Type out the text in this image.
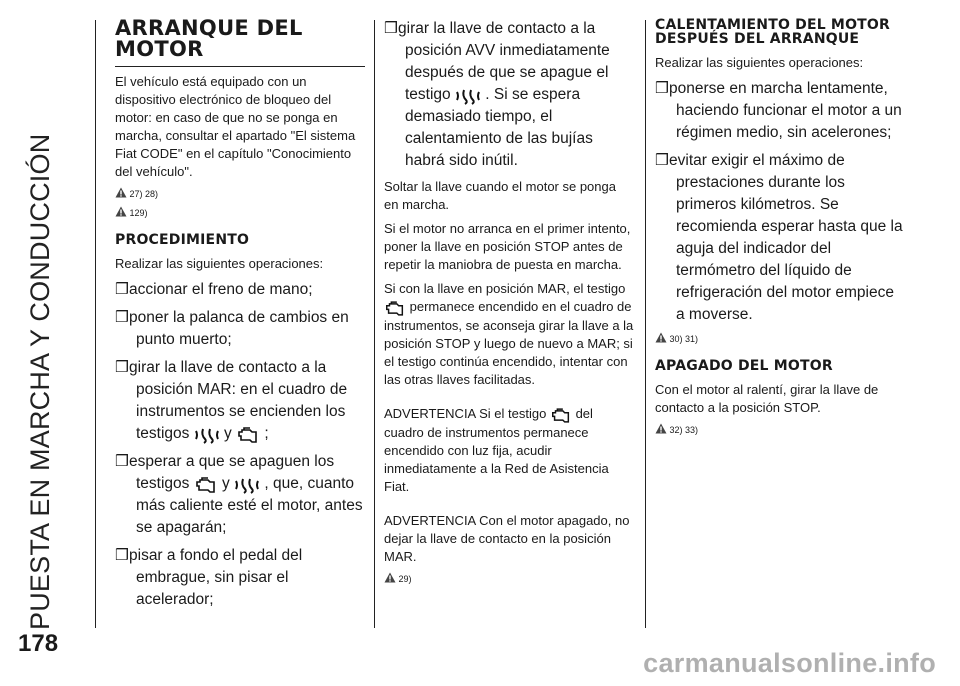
PUESTA EN MARCHA Y CONDUCCIÓN
ARRANQUE DEL MOTOR

El vehículo está equipado con un dispositivo electrónico de bloqueo del motor: en caso de que no se ponga en marcha, consultar el apartado "El sistema Fiat CODE" en el capítulo "Conocimiento del vehículo".

27) 28)
129)
PROCEDIMIENTO

Realizar las siguientes operaciones:

❒accionar el freno de mano;

❒poner la palanca de cambios en punto muerto;

❒girar la llave de contacto a la posición MAR: en el cuadro de instrumentos se encienden los testigos y ;

❒esperar a que se apaguen los testigos y , que, cuanto más caliente esté el motor, antes se apagarán;

❒pisar a fondo el pedal del embrague, sin pisar el acelerador;

❒girar la llave de contacto a la posición AVV inmediatamente después de que se apague el testigo . Si se espera demasiado tiempo, el calentamiento de las bujías habrá sido inútil.

Soltar la llave cuando el motor se ponga en marcha.

Si el motor no arranca en el primer intento, poner la llave en posición STOP antes de repetir la maniobra de puesta en marcha.

Si con la llave en posición MAR, el testigo  permanece encendido en el cuadro de instrumentos, se aconseja girar la llave a la posición STOP y luego de nuevo a MAR; si el testigo continúa encendido, intentar con las otras llaves facilitadas.

ADVERTENCIA Si el testigo del cuadro de instrumentos permanece encendido con luz fija, acudir inmediatamente a la Red de Asistencia Fiat.

ADVERTENCIA Con el motor apagado, no dejar la llave de contacto en la posición MAR.

29)
CALENTAMIENTO DEL MOTOR DESPUÉS DEL ARRANQUE

Realizar las siguientes operaciones:

❒ponerse en marcha lentamente, haciendo funcionar el motor a un régimen medio, sin acelerones;

❒evitar exigir el máximo de prestaciones durante los primeros kilómetros. Se recomienda esperar hasta que la aguja del indicador del termómetro del líquido de refrigeración del motor empiece a moverse.

30) 31)
APAGADO DEL MOTOR

Con el motor al ralentí, girar la llave de contacto a la posición STOP.

32) 33)
178
carmanualsonline.info
